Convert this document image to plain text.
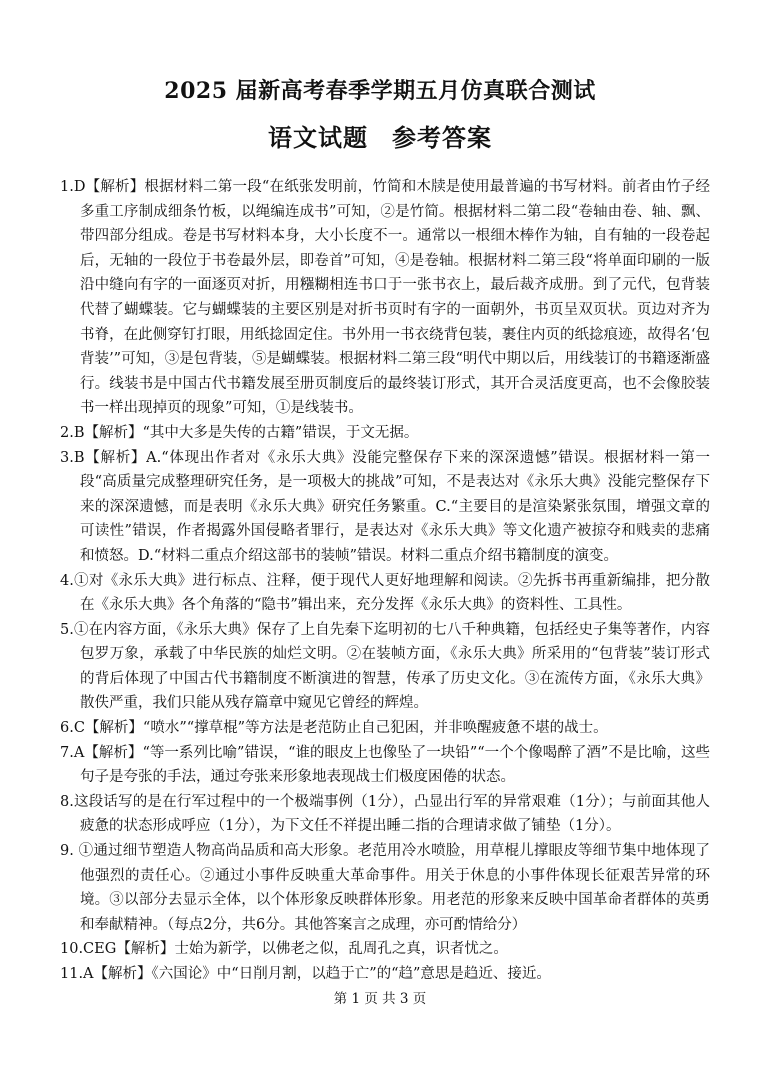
2025 届新高考春季学期五月仿真联合测试
语文试题 参考答案
1.D【解析】根据材料二第一段“在纸张发明前，竹简和木牍是使用最普遍的书写材料。前者由竹子经多重工序制成细条竹板，以绳编连成书”可知，②是竹简。根据材料二第二段“卷轴由卷、轴、飘、带四部分组成。卷是书写材料本身，大小长度不一。通常以一根细木棒作为轴，自有轴的一段卷起后，无轴的一段位于书卷最外层，即卷首”可知，④是卷轴。根据材料二第三段“将单面印刷的一版沿中缝向有字的一面逐页对折，用糨糊相连书口于一张书衣上，最后裁齐成册。到了元代，包背装代替了蝴蝶装。它与蝴蝶装的主要区别是对折书页时有字的一面朝外，书页呈双页状。页边对齐为书脊，在此侧穿钉打眼，用纸捻固定住。书外用一书衣绕背包装，裹住内页的纸捻痕迹，故得名‘包背装’”可知，③是包背装，⑤是蝴蝶装。根据材料二第三段“明代中期以后，用线装订的书籍逐渐盛行。线装书是中国古代书籍发展至册页制度后的最终装订形式，其开合灵活度更高，也不会像胶装书一样出现掉页的现象”可知，①是线装书。
2.B【解析】“其中大多是失传的古籍”错误，于文无据。
3.B【解析】A.“体现出作者对《永乐大典》没能完整保存下来的深深遗憾”错误。根据材料一第一段“高质量完成整理研究任务，是一项极大的挑战”可知，不是表达对《永乐大典》没能完整保存下来的深深遗憾，而是表明《永乐大典》研究任务繁重。C.“主要目的是渲染紧张氛围，增强文章的可读性”错误，作者揭露外国侵略者罪行，是表达对《永乐大典》等文化遗产被掠夺和贱卖的悲痛和愤怒。D.“材料二重点介绍这部书的装帧”错误。材料二重点介绍书籍制度的演变。
4.①对《永乐大典》进行标点、注释，便于现代人更好地理解和阅读。②先拆书再重新编排，把分散在《永乐大典》各个角落的“隐书”辑出来，充分发挥《永乐大典》的资料性、工具性。
5.①在内容方面，《永乐大典》保存了上自先秦下迄明初的七八千种典籍，包括经史子集等著作，内容包罗万象，承载了中华民族的灿烂文明。②在装帧方面，《永乐大典》所采用的“包背装”装订形式的背后体现了中国古代书籍制度不断演进的智慧，传承了历史文化。③在流传方面，《永乐大典》散佚严重，我们只能从残存篇章中窥见它曾经的辉煌。
6.C【解析】“喷水”“撑草棍”等方法是老范防止自己犯困，并非唤醒疲惫不堪的战士。
7.A【解析】“等一系列比喻”错误，“谁的眼皮上也像坠了一块铅”“一个个像喝醉了酒”不是比喻，这些句子是夸张的手法，通过夸张来形象地表现战士们极度困倦的状态。
8.这段话写的是在行军过程中的一个极端事例（1分），凸显出行军的异常艰难（1分）；与前面其他人疲惫的状态形成呼应（1分），为下文任不祥提出睡二指的合理请求做了铺垫（1分）。
9. ①通过细节塑造人物高尚品质和高大形象。老范用冷水喷脸，用草棍儿撑眼皮等细节集中地体现了他强烈的责任心。②通过小事件反映重大革命事件。用关于休息的小事件体现长征艰苦异常的环境。③以部分去显示全体，以个体形象反映群体形象。用老范的形象来反映中国革命者群体的英勇和奉献精神。（每点2分，共6分。其他答案言之成理，亦可酌情给分）
10.CEG【解析】士始为新学，以佛老之似，乱周孔之真，识者忧之。
11.A【解析】《六国论》中“日削月割，以趋于亡”的“趋”意思是趋近、接近。
第 1 页 共 3 页
